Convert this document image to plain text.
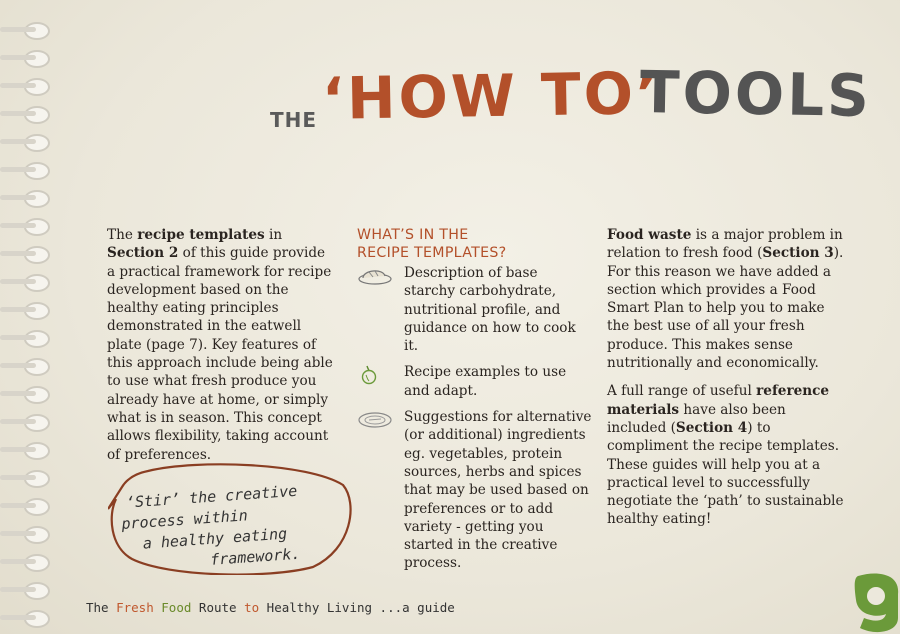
THE ‘HOW TO’
TOOLS

The recipe templates in Section 2 of this guide provide a practical framework for recipe development based on the healthy eating principles demonstrated in the eatwell plate (page 7). Key features of this approach include being able to use what fresh produce you already have at home, or simply what is in season. This concept allows flexibility, taking account of preferences.

‘Stir’ the creative
process within
a healthy eating
framework.
WHAT’S IN THE
RECIPE TEMPLATES?
Description of base starchy carbohydrate, nutritional profile, and guidance on how to cook it.
Recipe examples to use and adapt.
Suggestions for alternative (or additional) ingredients eg. vegetables, protein sources, herbs and spices that may be used based on preferences or to add variety - getting you started in the creative process.

Food waste is a major problem in relation to fresh food (Section 3). For this reason we have added a section which provides a Food Smart Plan to help you to make the best use of all your fresh produce. This makes sense nutritionally and economically.

A full range of useful reference materials have also been included (Section 4) to compliment the recipe templates. These guides will help you at a practical level to successfully negotiate the ‘path’ to sustainable healthy eating!

The Fresh Food Route to Healthy Living ...a guide
